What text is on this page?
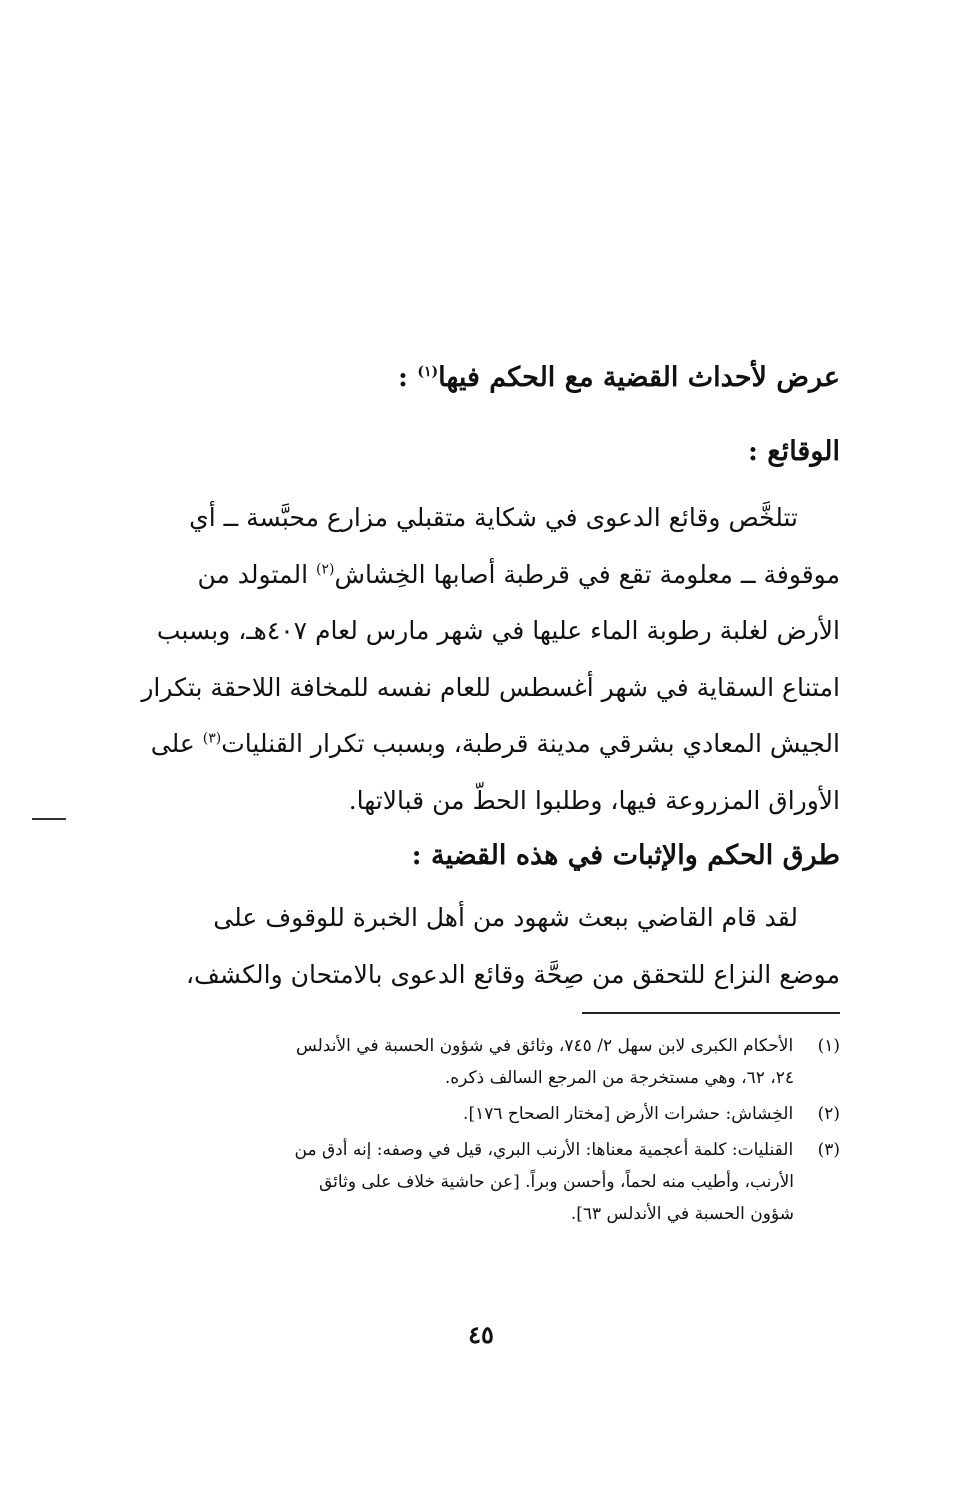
عرض لأحداث القضية مع الحكم فيها$^{(١)}$ :
الوقائع :
تتلخَّص وقائع الدعوى في شكاية متقبلي مزارع محبَّسة ــ أي
موقوفة ــ معلومة تقع في قرطبة أصابها الخِشاش$^{(٢)}$ المتولد من
الأرض لغلبة رطوبة الماء عليها في شهر مارس لعام ٤٠٧هـ، وبسبب
امتناع السقاية في شهر أغسطس للعام نفسه للمخافة اللاحقة بتكرار
الجيش المعادي بشرقي مدينة قرطبة، وبسبب تكرار القنليات$^{(٣)}$ على
الأوراق المزروعة فيها، وطلبوا الحطّ من قبالاتها.
طرق الحكم والإثبات في هذه القضية :
لقد قام القاضي ببعث شهود من أهل الخبرة للوقوف على
موضع النزاع للتحقق من صِحَّة وقائع الدعوى بالامتحان والكشف،
(١)  الأحكام الكبرى لابن سهل ٢/ ٧٤٥، وثائق في شؤون الحسبة في الأندلس
٢٤، ٦٢، وهي مستخرجة من المرجع السالف ذكره.
(٢)  الخِشاش: حشرات الأرض [مختار الصحاح ١٧٦].
(٣)  القنليات: كلمة أعجمية معناها: الأرنب البري، قيل في وصفه: إنه أدق من
الأرنب، وأطيب منه لحماً، وأحسن وبراً. [عن حاشية خلاف على وثائق
شؤون الحسبة في الأندلس ٦٣].
٤٥
